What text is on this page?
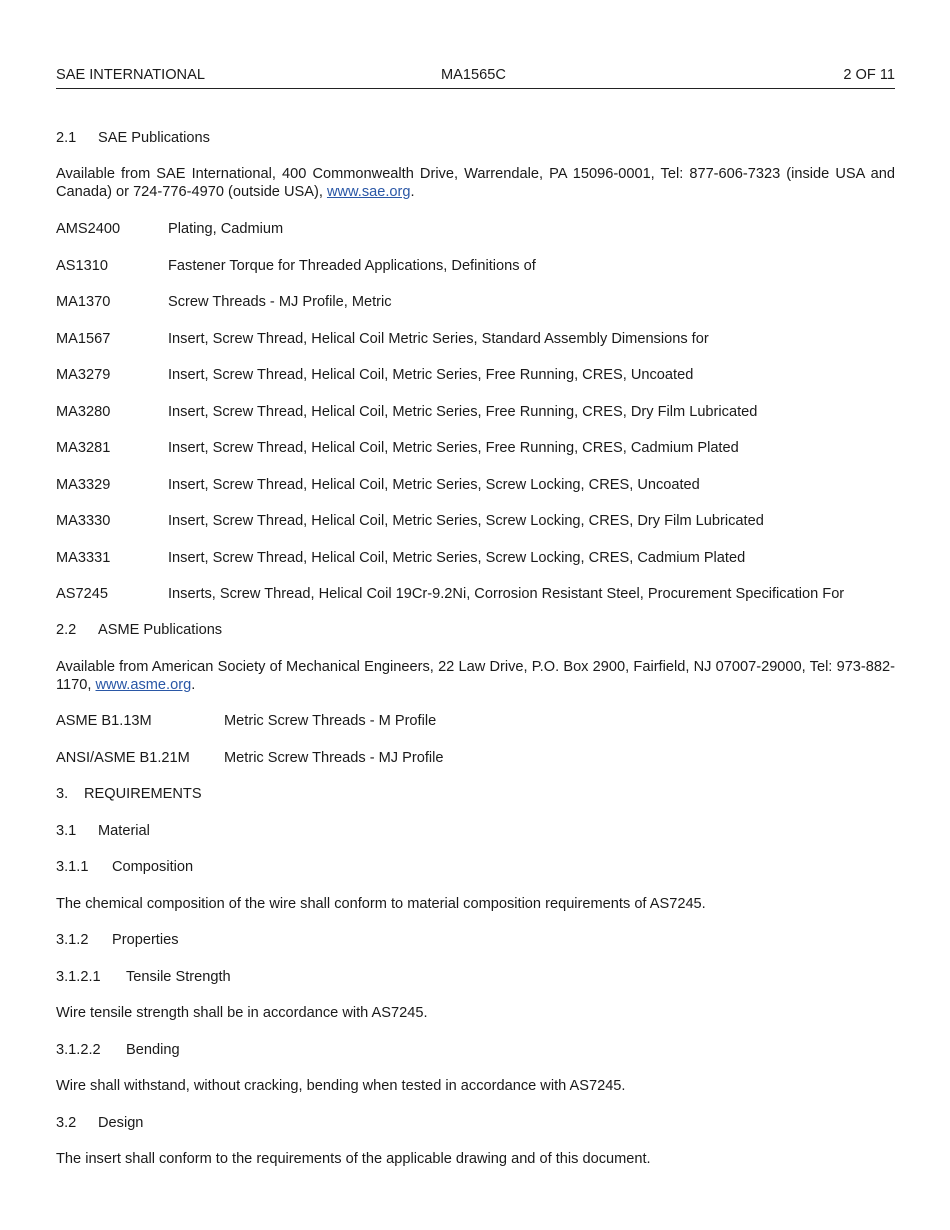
SAE INTERNATIONAL	MA1565C	2 OF 11
2.1 SAE Publications
Available from SAE International, 400 Commonwealth Drive, Warrendale, PA 15096-0001, Tel: 877-606-7323 (inside USA and Canada) or 724-776-4970 (outside USA), www.sae.org.
AMS2400	Plating, Cadmium
AS1310	Fastener Torque for Threaded Applications, Definitions of
MA1370	Screw Threads - MJ Profile, Metric
MA1567	Insert, Screw Thread, Helical Coil Metric Series, Standard Assembly Dimensions for
MA3279	Insert, Screw Thread, Helical Coil, Metric Series, Free Running, CRES, Uncoated
MA3280	Insert, Screw Thread, Helical Coil, Metric Series, Free Running, CRES, Dry Film Lubricated
MA3281	Insert, Screw Thread, Helical Coil, Metric Series, Free Running, CRES, Cadmium Plated
MA3329	Insert, Screw Thread, Helical Coil, Metric Series, Screw Locking, CRES, Uncoated
MA3330	Insert, Screw Thread, Helical Coil, Metric Series, Screw Locking, CRES, Dry Film Lubricated
MA3331	Insert, Screw Thread, Helical Coil, Metric Series, Screw Locking, CRES, Cadmium Plated
AS7245	Inserts, Screw Thread, Helical Coil 19Cr-9.2Ni, Corrosion Resistant Steel, Procurement Specification For
2.2 ASME Publications
Available from American Society of Mechanical Engineers, 22 Law Drive, P.O. Box 2900, Fairfield, NJ 07007-29000, Tel: 973-882-1170, www.asme.org.
ASME B1.13M	Metric Screw Threads - M Profile
ANSI/ASME B1.21M Metric Screw Threads - MJ Profile
3. REQUIREMENTS
3.1 Material
3.1.1 Composition
The chemical composition of the wire shall conform to material composition requirements of AS7245.
3.1.2 Properties
3.1.2.1 Tensile Strength
Wire tensile strength shall be in accordance with AS7245.
3.1.2.2 Bending
Wire shall withstand, without cracking, bending when tested in accordance with AS7245.
3.2 Design
The insert shall conform to the requirements of the applicable drawing and of this document.
